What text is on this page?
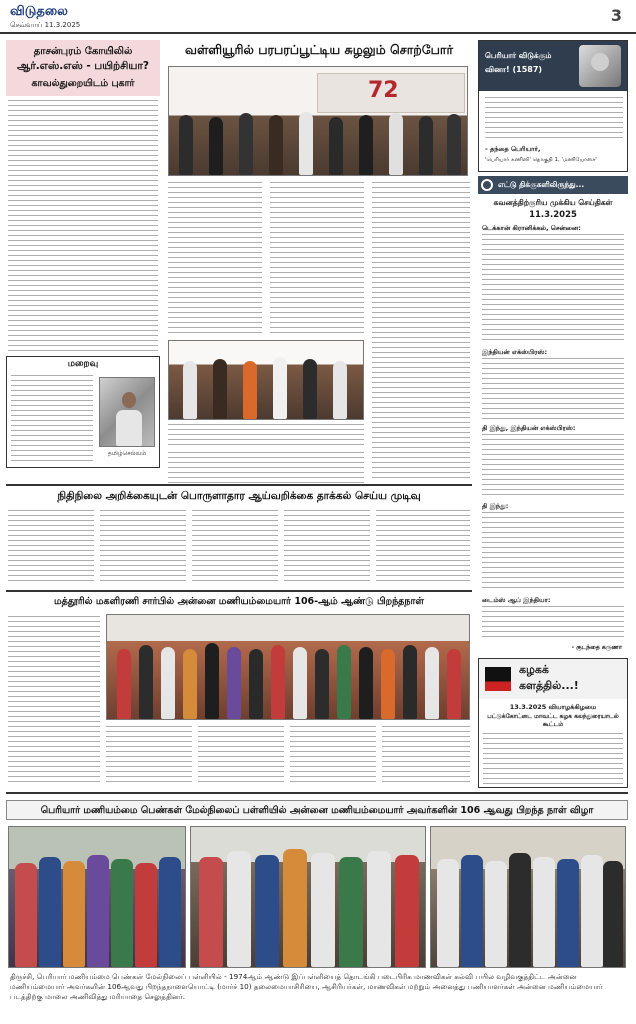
விடுதலை
செவ்வாய் 11.3.2025	3
தாசன்புரம் கோயிலில்
ஆர்.எஸ்.எஸ் - பயிற்சியா?
காவல்துறையிடம் புகார்
மறைவு
தமிழ்செல்வம்
வள்ளியூரில் பரபரப்பூட்டிய சுழலும் சொற்போர்
72
பெரியார் விடுக்கும்
வினா! (1587)
- தந்தை பெரியார்,
'பெரியார் கணினி' தொகுதி 1, 'மணியோசை'
எட்டு திக்குகளிலிருந்து...
கவனத்திற்குரிய முக்கிய செய்திகள்
11.3.2025
டெக்கான் கிரானிக்கல், சென்னை:
இந்தியன் எக்ஸ்பிரஸ்:
தி இந்து, இந்தியன் எக்ஸ்பிரஸ்:
தி இந்து:
டைம்ஸ் ஆப் இந்தியா:
- குடந்தை கருணா
நிதிநிலை அறிக்கையுடன் பொருளாதார ஆய்வறிக்கை தாக்கல் செய்ய முடிவு
மத்தூரில் மகளிரணி சார்பில் அன்னை மணியம்மையார் 106-ஆம் ஆண்டு பிறந்தநாள்
கழகக்
களத்தில்...!
13.3.2025 வியாழக்கிழமை
பட்டுக்கோட்டை மாவட்ட கழக கலந்துரையாடல் கூட்டம்
பெரியார் மணியம்மை பெண்கள் மேல்நிலைப் பள்ளியில் அன்னை மணியம்மையார் அவர்களின் 106 ஆவது பிறந்த நாள் விழா
திருச்சி, பெரியார் மணியம்மை பெண்கள் மேல்நிலைப் பள்ளியில் - 1974ஆம் ஆண்டு இப்பள்ளியைத் தொடங்கி படைபிரிக மாணவிகள் கல்வி பயில வழிவகுத்திட்ட அன்னை மணியம்மையார் அவர்களின் 106ஆவது பிறந்தநாளையொட்டி (மார்ச் 10) தலைமையாசிரியை, ஆசிரியர்கள், மாணவிகள் மற்றும் அனைத்து பணியாளர்கள் அன்னை மணியம்மையார் படத்திற்கு மாலை அணிவித்து மரியாதை செலுத்தினர்.
